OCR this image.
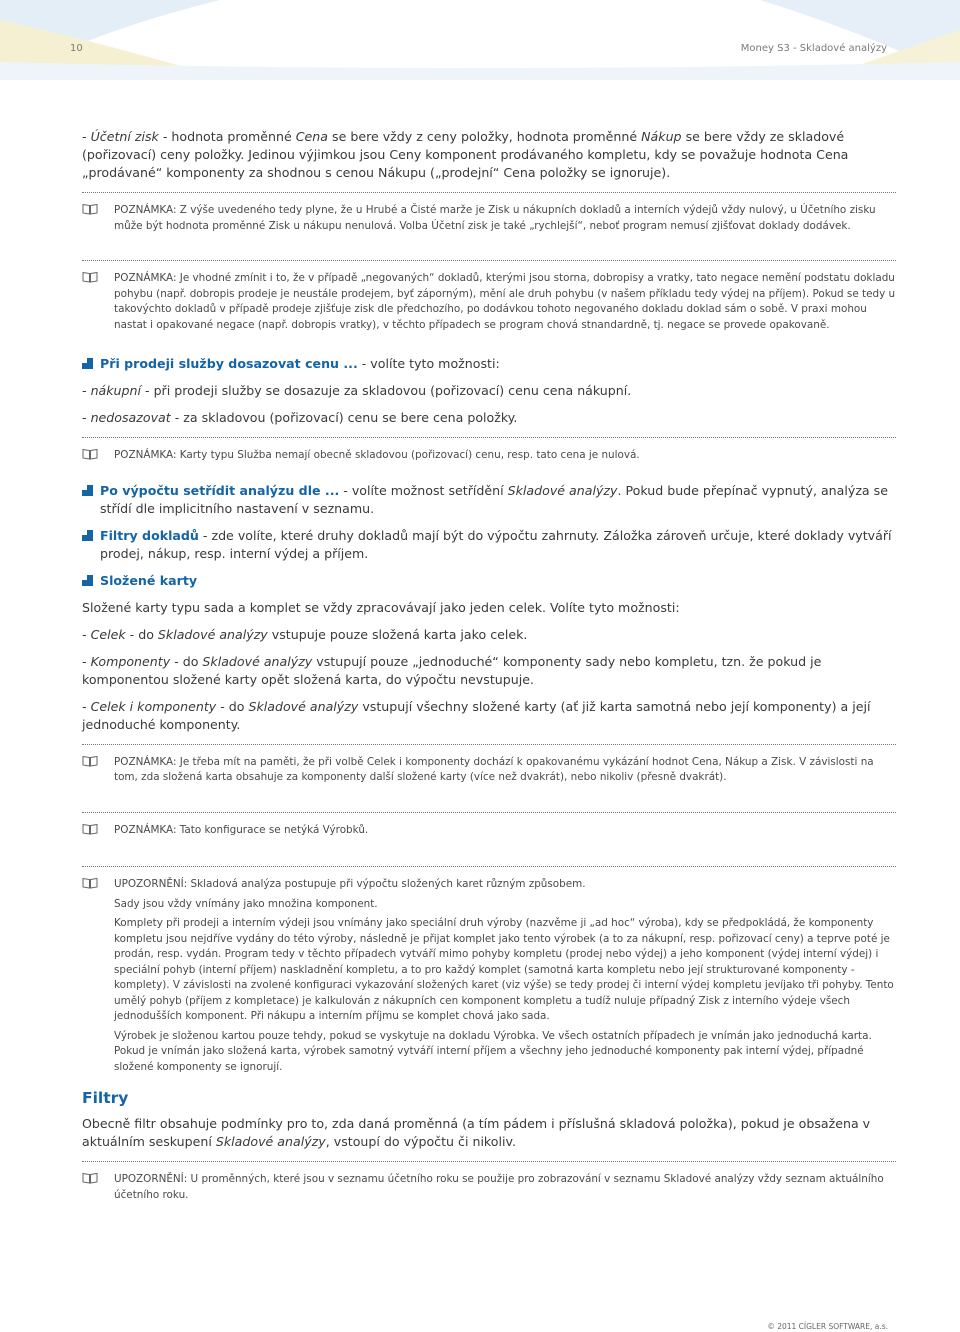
10	Money S3 - Skladové analýzy

- Účetní zisk - hodnota proměnné Cena se bere vždy z ceny položky, hodnota proměnné Nákup se bere vždy ze skladové (pořizovací) ceny položky. Jedinou výjimkou jsou Ceny komponent prodávaného kompletu, kdy se považuje hodnota Cena „prodávané“ komponenty za shodnou s cenou Nákupu („prodejní“ Cena položky se ignoruje).

POZNÁMKA: Z výše uvedeného tedy plyne, že u Hrubé a Čisté marže je Zisk u nákupních dokladů a interních výdejů vždy nulový, u Účetního zisku může být hodnota proměnné Zisk u nákupu nenulová. Volba Účetní zisk je také „rychlejší“, neboť program nemusí zjišťovat doklady dodávek.

POZNÁMKA: Je vhodné zmínit i to, že v případě „negovaných“ dokladů, kterými jsou storna, dobropisy a vratky, tato negace nemění podstatu dokladu pohybu (např. dobropis prodeje je neustále prodejem, byť záporným), mění ale druh pohybu (v našem příkladu tedy výdej na příjem). Pokud se tedy u takovýchto dokladů v případě prodeje zjišťuje zisk dle předchozího, po dodávkou tohoto negovaného dokladu doklad sám o sobě. V praxi mohou nastat i opakované negace (např. dobropis vratky), v těchto případech se program chová stnandardně, tj. negace se provede opakovaně.

Při prodeji služby dosazovat cenu ... - volíte tyto možnosti:

- nákupní - při prodeji služby se dosazuje za skladovou (pořizovací) cenu cena nákupní.

- nedosazovat - za skladovou (pořizovací) cenu se bere cena položky.

POZNÁMKA: Karty typu Služba nemají obecně skladovou (pořizovací) cenu, resp. tato cena je nulová.

Po výpočtu setřídit analýzu dle ... - volíte možnost setřídění Skladové analýzy. Pokud bude přepínač vypnutý, analýza se střídí dle implicitního nastavení v seznamu.

Filtry dokladů - zde volíte, které druhy dokladů mají být do výpočtu zahrnuty. Záložka zároveň určuje, které doklady vytváří prodej, nákup, resp. interní výdej a příjem.

Složené karty

Složené karty typu sada a komplet se vždy zpracovávají jako jeden celek. Volíte tyto možnosti:

- Celek - do Skladové analýzy vstupuje pouze složená karta jako celek.

- Komponenty - do Skladové analýzy vstupují pouze „jednoduché“ komponenty sady nebo kompletu, tzn. že pokud je komponentou složené karty opět složená karta, do výpočtu nevstupuje.

- Celek i komponenty - do Skladové analýzy vstupují všechny složené karty (ať již karta samotná nebo její komponenty) a její jednoduché komponenty.

POZNÁMKA: Je třeba mít na paměti, že při volbě Celek i komponenty dochází k opakovanému vykázání hodnot Cena, Nákup a Zisk. V závislosti na tom, zda složená karta obsahuje za komponenty další složené karty (více než dvakrát), nebo nikoliv (přesně dvakrát).

POZNÁMKA: Tato konfigurace se netýká Výrobků.

UPOZORNĚNÍ: Skladová analýza postupuje při výpočtu složených karet různým způsobem.

Sady jsou vždy vnímány jako množina komponent.

Komplety při prodeji a interním výdeji jsou vnímány jako speciální druh výroby (nazvěme ji „ad hoc“ výroba), kdy se předpokládá, že komponenty kompletu jsou nejdříve vydány do této výroby, následně je přijat komplet jako tento výrobek (a to za nákupní, resp. pořizovací ceny) a teprve poté je prodán, resp. vydán. Program tedy v těchto případech vytváří mimo pohyby kompletu (prodej nebo výdej) a jeho komponent (výdej interní výdej) i speciální pohyb (interní příjem) naskladnění kompletu, a to pro každý komplet (samotná karta kompletu nebo její strukturované komponenty - komplety). V závislosti na zvolené konfiguraci vykazování složených karet (viz výše) se tedy prodej či interní výdej kompletu jevíjako tři pohyby. Tento umělý pohyb (příjem z kompletace) je kalkulován z nákupních cen komponent kompletu a tudíž nuluje případný Zisk z interního výdeje všech jednodušších komponent. Při nákupu a interním příjmu se komplet chová jako sada.

Výrobek je složenou kartou pouze tehdy, pokud se vyskytuje na dokladu Výrobka. Ve všech ostatních případech je vnímán jako jednoduchá karta. Pokud je vnímán jako složená karta, výrobek samotný vytváří interní příjem a všechny jeho jednoduché komponenty pak interní výdej, případné složené komponenty se ignorují.

Filtry

Obecně filtr obsahuje podmínky pro to, zda daná proměnná (a tím pádem i příslušná skladová položka), pokud je obsažena v aktuálním seskupení Skladové analýzy, vstoupí do výpočtu či nikoliv.

UPOZORNĚNÍ: U proměnných, které jsou v seznamu účetního roku se použije pro zobrazování v seznamu Skladové analýzy vždy seznam aktuálního účetního roku.

© 2011 CÍGLER SOFTWARE, a.s.
